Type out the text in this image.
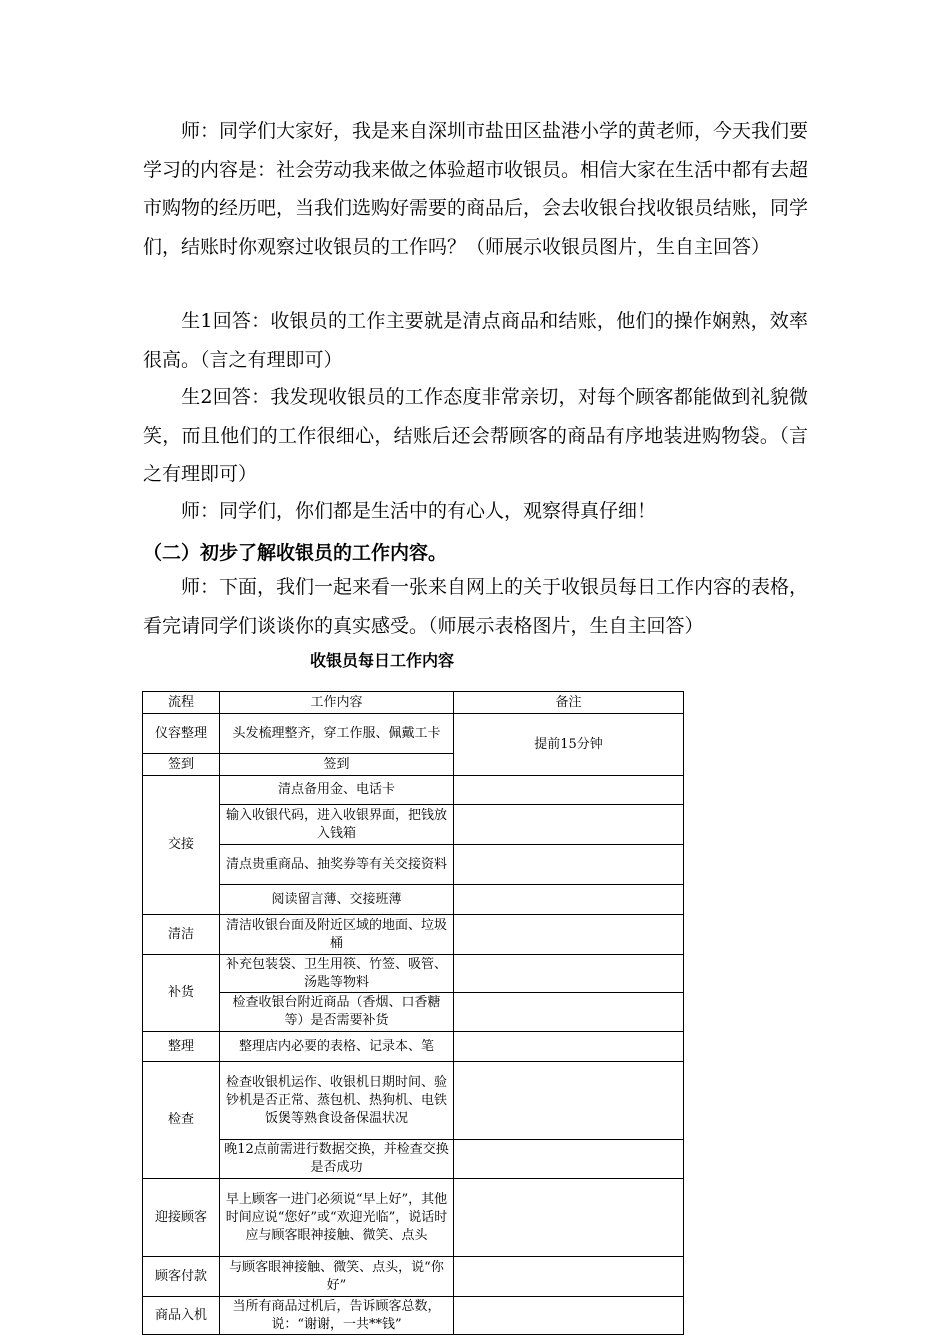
师：同学们大家好，我是来自深圳市盐田区盐港小学的黄老师，今天我们要学习的内容是：社会劳动我来做之体验超市收银员。相信大家在生活中都有去超市购物的经历吧，当我们选购好需要的商品后，会去收银台找收银员结账，同学们，结账时你观察过收银员的工作吗？（师展示收银员图片，生自主回答）
生1回答：收银员的工作主要就是清点商品和结账，他们的操作娴熟，效率很高。（言之有理即可）
生2回答：我发现收银员的工作态度非常亲切，对每个顾客都能做到礼貌微笑，而且他们的工作很细心，结账后还会帮顾客的商品有序地装进购物袋。（言之有理即可）
师：同学们，你们都是生活中的有心人，观察得真仔细！
（二）初步了解收银员的工作内容。
师：下面，我们一起来看一张来自网上的关于收银员每日工作内容的表格，看完请同学们谈谈你的真实感受。（师展示表格图片，生自主回答）
收银员每日工作内容
流程	工作内容	备注
仪容整理	头发梳理整齐，穿工作服、佩戴工卡	提前15分钟
签到	签到	
交接	清点备用金、电话卡	
	输入收银代码，进入收银界面，把钱放入钱箱	
	清点贵重商品、抽奖券等有关交接资料	
	阅读留言薄、交接班薄	
清洁	清洁收银台面及附近区域的地面、垃圾桶	
补货	补充包装袋、卫生用筷、竹签、吸管、汤匙等物料	
	检查收银台附近商品（香烟、口香糖等）是否需要补货	
整理	整理店内必要的表格、记录本、笔	
检查	检查收银机运作、收银机日期时间、验钞机是否正常、蒸包机、热狗机、电铁饭煲等熟食设备保温状况	
	晚12点前需进行数据交换，并检查交换是否成功	
迎接顾客	早上顾客一进门必须说“早上好”，其他时间应说“您好”或“欢迎光临”，说话时应与顾客眼神接触、微笑、点头	
顾客付款	与顾客眼神接触、微笑、点头，说“你好”	
商品入机	当所有商品过机后，告诉顾客总数，说：“谢谢，一共**钱”	
